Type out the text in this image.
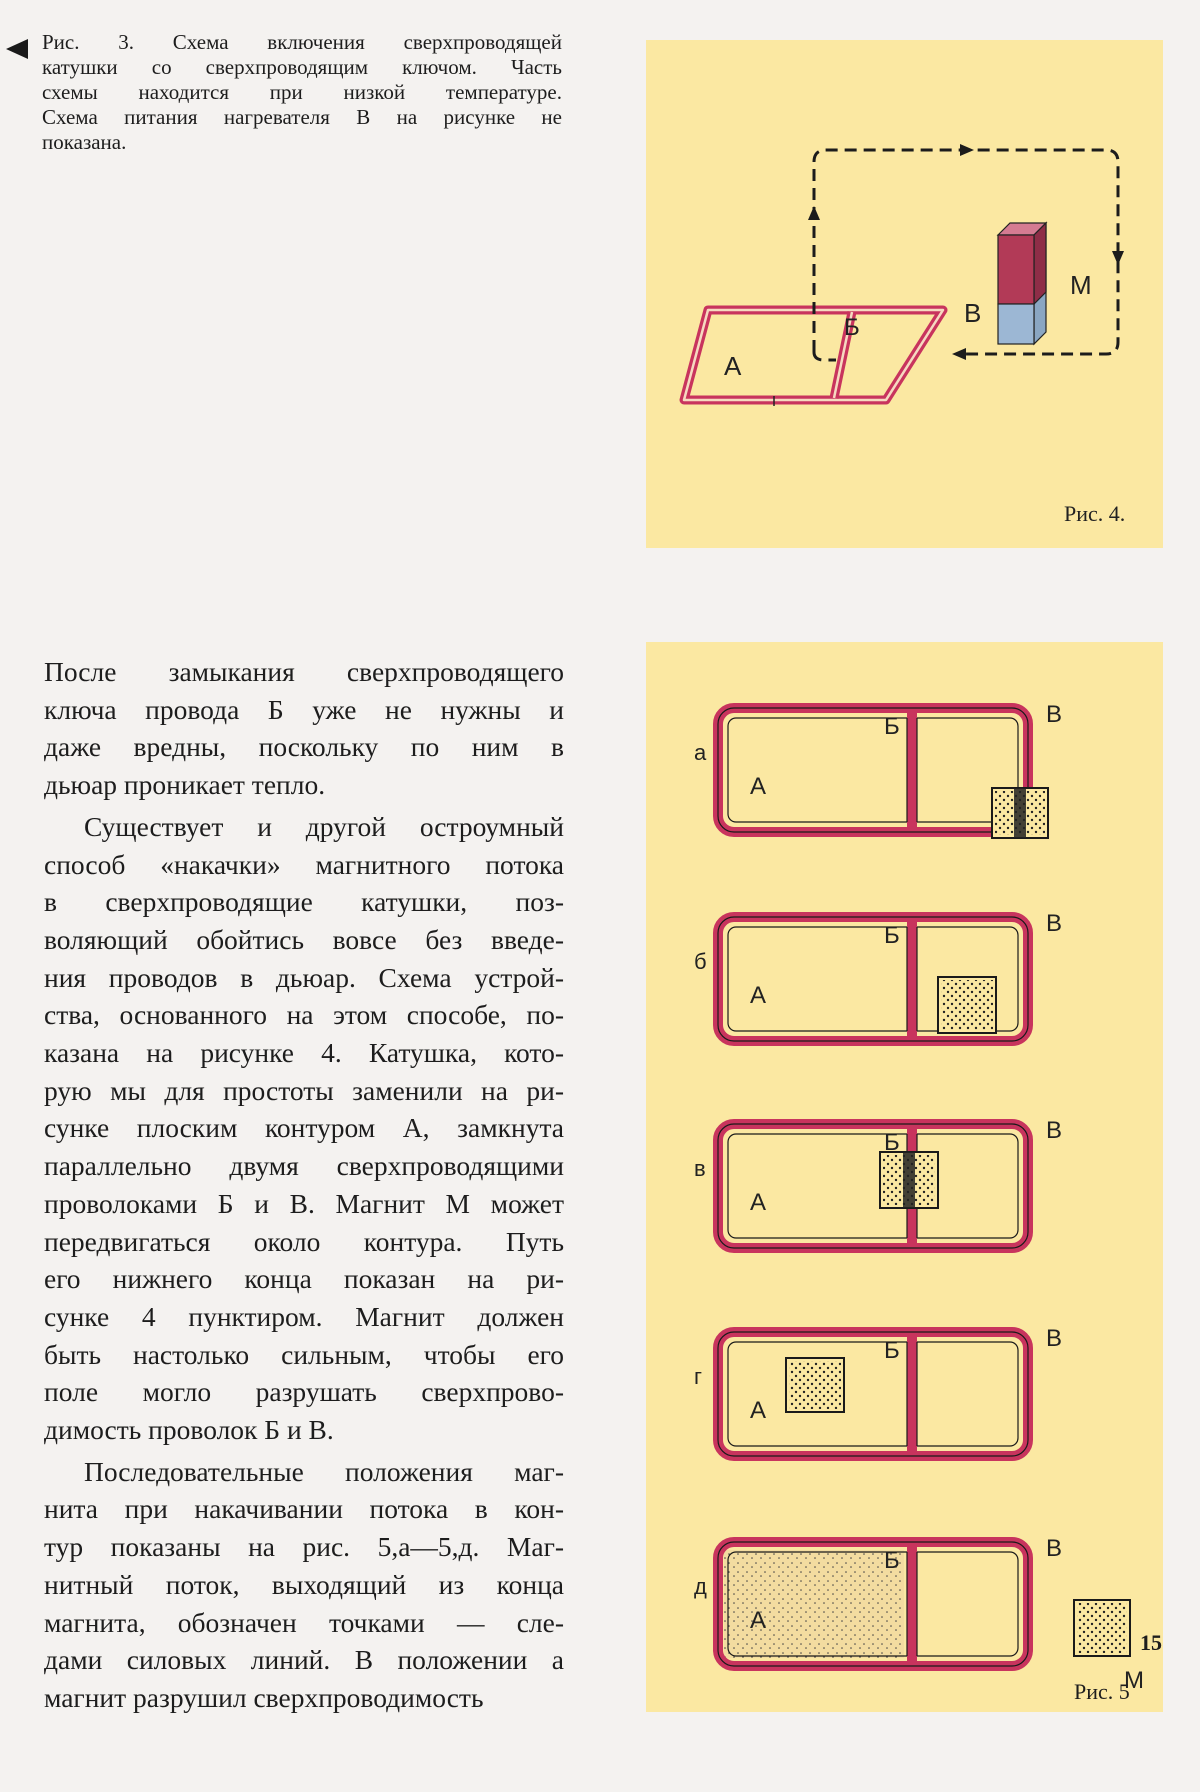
Рис. 3. Схема включения сверхпроводящей
катушки со сверхпроводящим ключом. Часть
схемы находится при низкой температуре.
Схема питания нагревателя В на рисунке не
показана.
А
Б	В
М
Рис. 4.
а
А
Б	В
б
А
Б	В
в
А
Б	В
г
А
Б	В
д
А
Б	В
М
Рис. 5

После замыкания сверхпроводящего

ключа провода Б уже не нужны и

даже вредны, поскольку по ним в

дьюар проникает тепло.

Существует и другой остроумный

способ «накачки» магнитного потока

в сверхпроводящие катушки, поз-

воляющий обойтись вовсе без введе-

ния проводов в дьюар. Схема устрой-

ства, основанного на этом способе, по-

казана на рисунке 4. Катушка, кото-

рую мы для простоты заменили на ри-

сунке плоским контуром А, замкнута

параллельно двумя сверхпроводящими

проволоками Б и В. Магнит М может

передвигаться около контура. Путь

его нижнего конца показан на ри-

сунке 4 пунктиром. Магнит должен

быть настолько сильным, чтобы его

поле могло разрушать сверхпрово-

димость проволок Б и В.

Последовательные положения маг-

нита при накачивании потока в кон-

тур показаны на рис. 5,а—5,д. Маг-

нитный поток, выходящий из конца

магнита, обозначен точками — сле-

дами силовых линий. В положении а

магнит разрушил сверхпроводимость

15
